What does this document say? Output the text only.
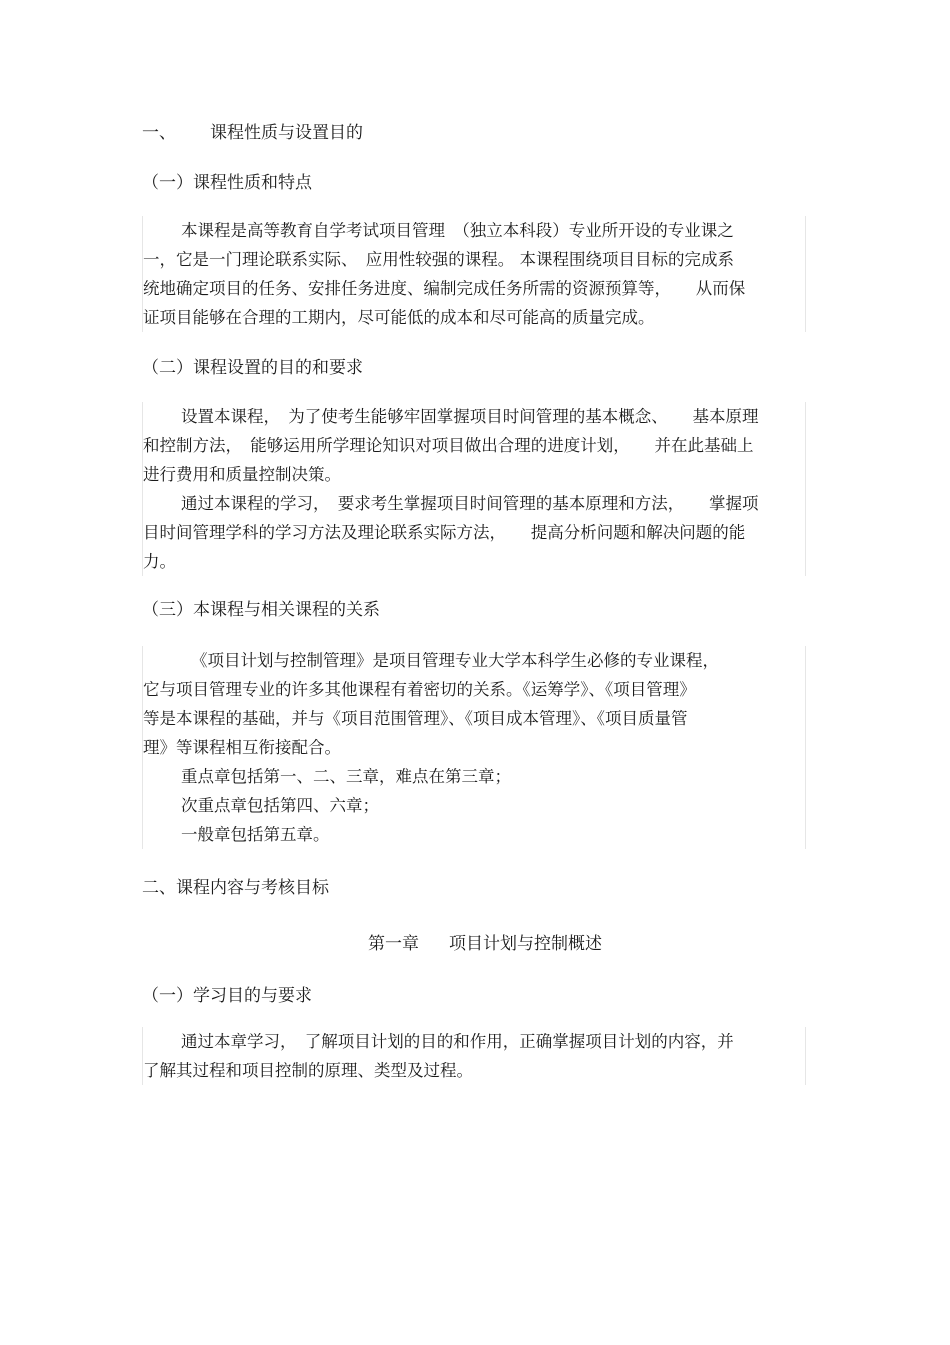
一、 课程性质与设置目的
（一）课程性质和特点
本课程是高等教育自学考试项目管理　（独立本科段）专业所开设的专业课之
一，它是一门理论联系实际、　应用性较强的课程。 本课程围绕项目目标的完成系
统地确定项目的任务、安排任务进度、编制完成任务所需的资源预算等，　　从而保
证项目能够在合理的工期内，尽可能低的成本和尽可能高的质量完成。
（二）课程设置的目的和要求
设置本课程，　为了使考生能够牢固掌握项目时间管理的基本概念、　　基本原理
和控制方法，　能够运用所学理论知识对项目做出合理的进度计划，　　并在此基础上
进行费用和质量控制决策。
通过本课程的学习，　要求考生掌握项目时间管理的基本原理和方法，　　掌握项
目时间管理学科的学习方法及理论联系实际方法，　　提高分析问题和解决问题的能
力。
（三）本课程与相关课程的关系
《项目计划与控制管理》是项目管理专业大学本科学生必修的专业课程，
它与项目管理专业的许多其他课程有着密切的关系。《运筹学》、《项目管理》
等是本课程的基础，并与《项目范围管理》、《项目成本管理》、《项目质量管
理》等课程相互衔接配合。
重点章包括第一、二、三章，难点在第三章；
次重点章包括第四、六章；
一般章包括第五章。
二、课程内容与考核目标
第一章 项目计划与控制概述
（一）学习目的与要求
通过本章学习，　了解项目计划的目的和作用，正确掌握项目计划的内容，并
了解其过程和项目控制的原理、类型及过程。
